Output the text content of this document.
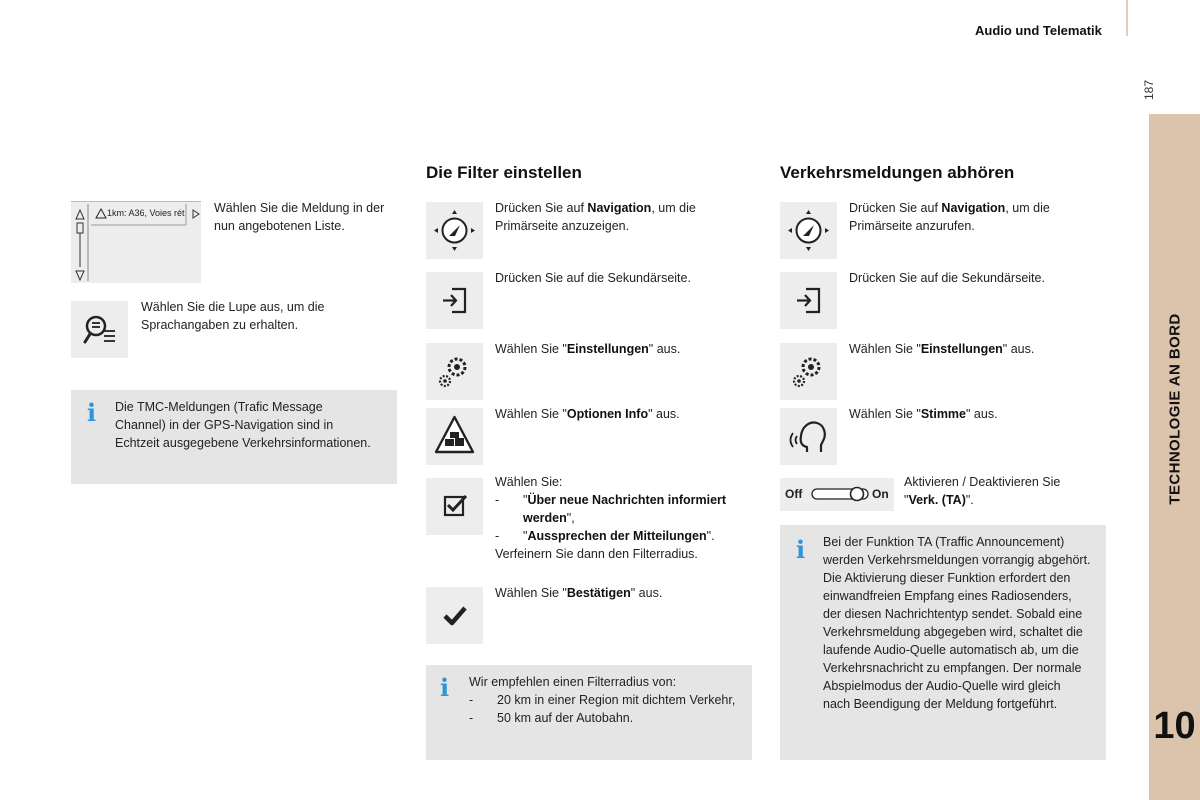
Audio und Telematik
187
TECHNOLOGIE AN BORD
10
1km: A36, Voies rét Wählen Sie die Meldung in der nun angebotenen Liste.
Wählen Sie die Lupe aus, um die Sprachangaben zu erhalten.
i Die TMC-Meldungen (Trafic Message Channel) in der GPS-Navigation sind in Echtzeit ausgegebene Verkehrsinformationen.
Die Filter einstellen
Drücken Sie auf Navigation, um die Primärseite anzuzeigen.
Drücken Sie auf die Sekundärseite.
Wählen Sie "Einstellungen" aus.
Wählen Sie "Optionen Info" aus.
Wählen Sie:
- "Über neue Nachrichten informiert werden",
- "Aussprechen der Mitteilungen".
Verfeinern Sie dann den Filterradius.
Wählen Sie "Bestätigen" aus.
i Wir empfehlen einen Filterradius von:
- 20 km in einer Region mit dichtem Verkehr,
- 50 km auf der Autobahn.
Verkehrsmeldungen abhören
Drücken Sie auf Navigation, um die Primärseite anzurufen.
Drücken Sie auf die Sekundärseite.
Wählen Sie "Einstellungen" aus.
Wählen Sie "Stimme" aus.
Off	On
Aktivieren / Deaktivieren Sie "Verk. (TA)".
i Bei der Funktion TA (Traffic Announcement) werden Verkehrsmeldungen vorrangig abgehört. Die Aktivierung dieser Funktion erfordert den einwandfreien Empfang eines Radiosenders, der diesen Nachrichtentyp sendet. Sobald eine Verkehrsmeldung abgegeben wird, schaltet die laufende Audio-Quelle automatisch ab, um die Verkehrsnachricht zu empfangen. Der normale Abspielmodus der Audio-Quelle wird gleich nach Beendigung der Meldung fortgeführt.
